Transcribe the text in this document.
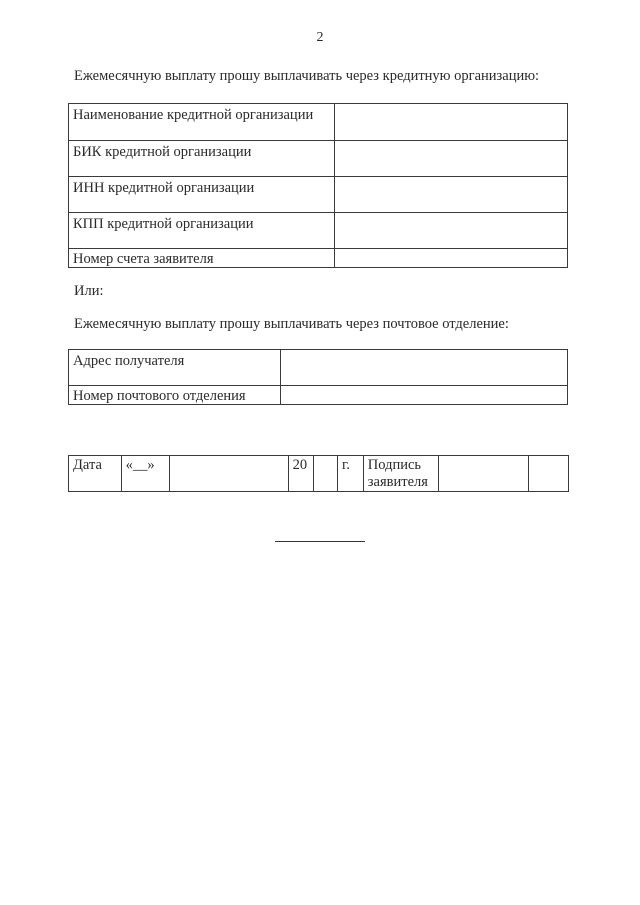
2
Ежемесячную выплату прошу выплачивать через кредитную организацию:
Наименование кредитной организации	
БИК кредитной организации	
ИНН кредитной организации	
КПП кредитной организации	
Номер счета заявителя	
Или:
Ежемесячную выплату прошу выплачивать через почтовое отделение:
Адрес получателя	
Номер почтового отделения	
Дата	«__»		20		г.	Подпись заявителя		
